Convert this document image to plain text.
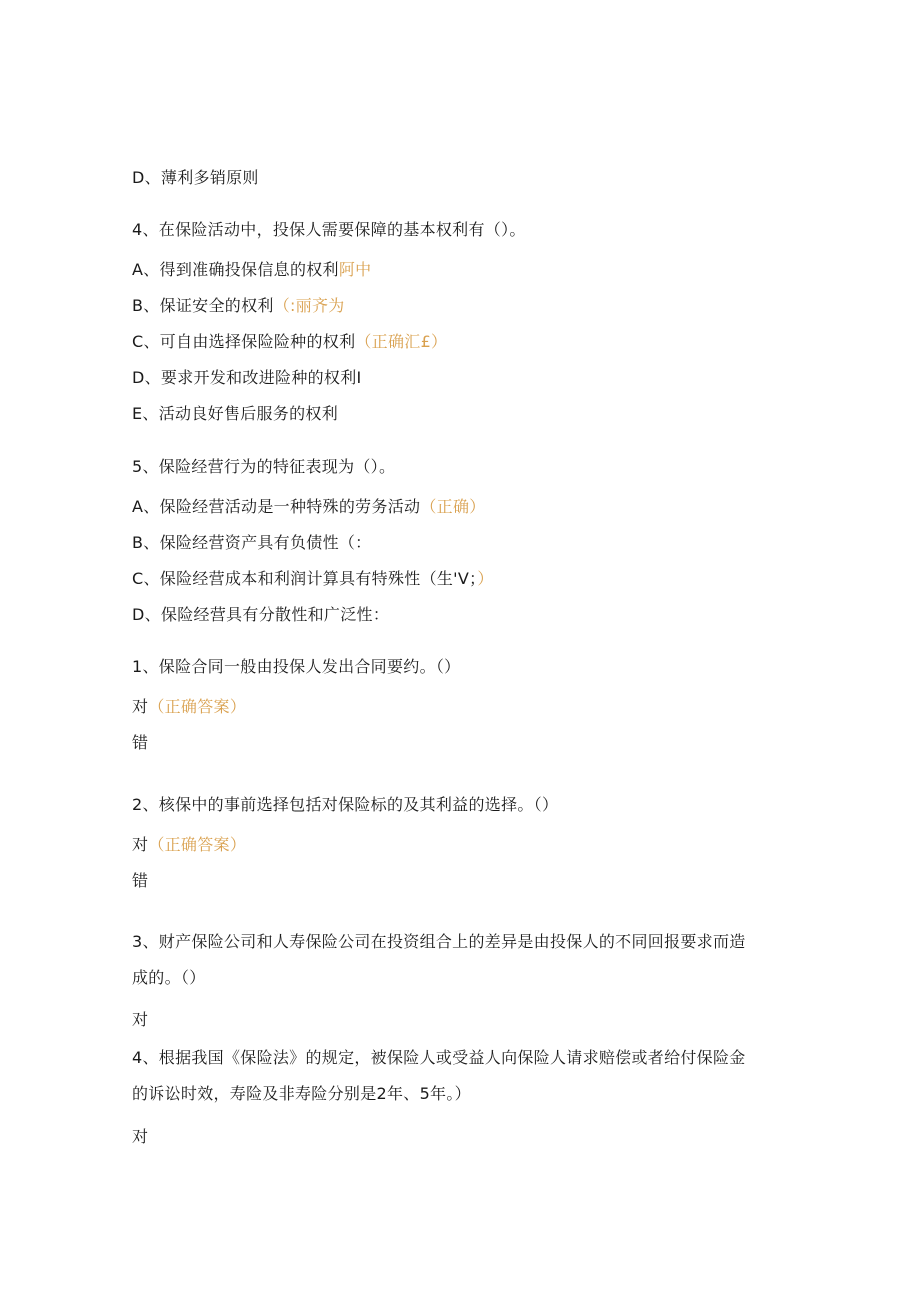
D、薄利多销原则
4、在保险活动中，投保人需要保障的基本权利有（）。
A、得到准确投保信息的权利阿中
B、保证安全的权利（:丽齐为
C、可自由选择保险险种的权利（正确汇£）
D、要求开发和改进险种的权利I
E、活动良好售后服务的权利
5、保险经营行为的特征表现为（）。
A、保险经营活动是一种特殊的劳务活动（正确）
B、保险经营资产具有负债性（：
C、保险经营成本和利润计算具有特殊性（生'V；）
D、保险经营具有分散性和广泛性：
1、保险合同一般由投保人发出合同要约。（）
对（正确答案）
错
2、核保中的事前选择包括对保险标的及其利益的选择。（）
对（正确答案）
错
3、财产保险公司和人寿保险公司在投资组合上的差异是由投保人的不同回报要求而造
成的。（）
对
4、根据我国《保险法》的规定，被保险人或受益人向保险人请求赔偿或者给付保险金
的诉讼时效，寿险及非寿险分别是2年、5年。）
对
